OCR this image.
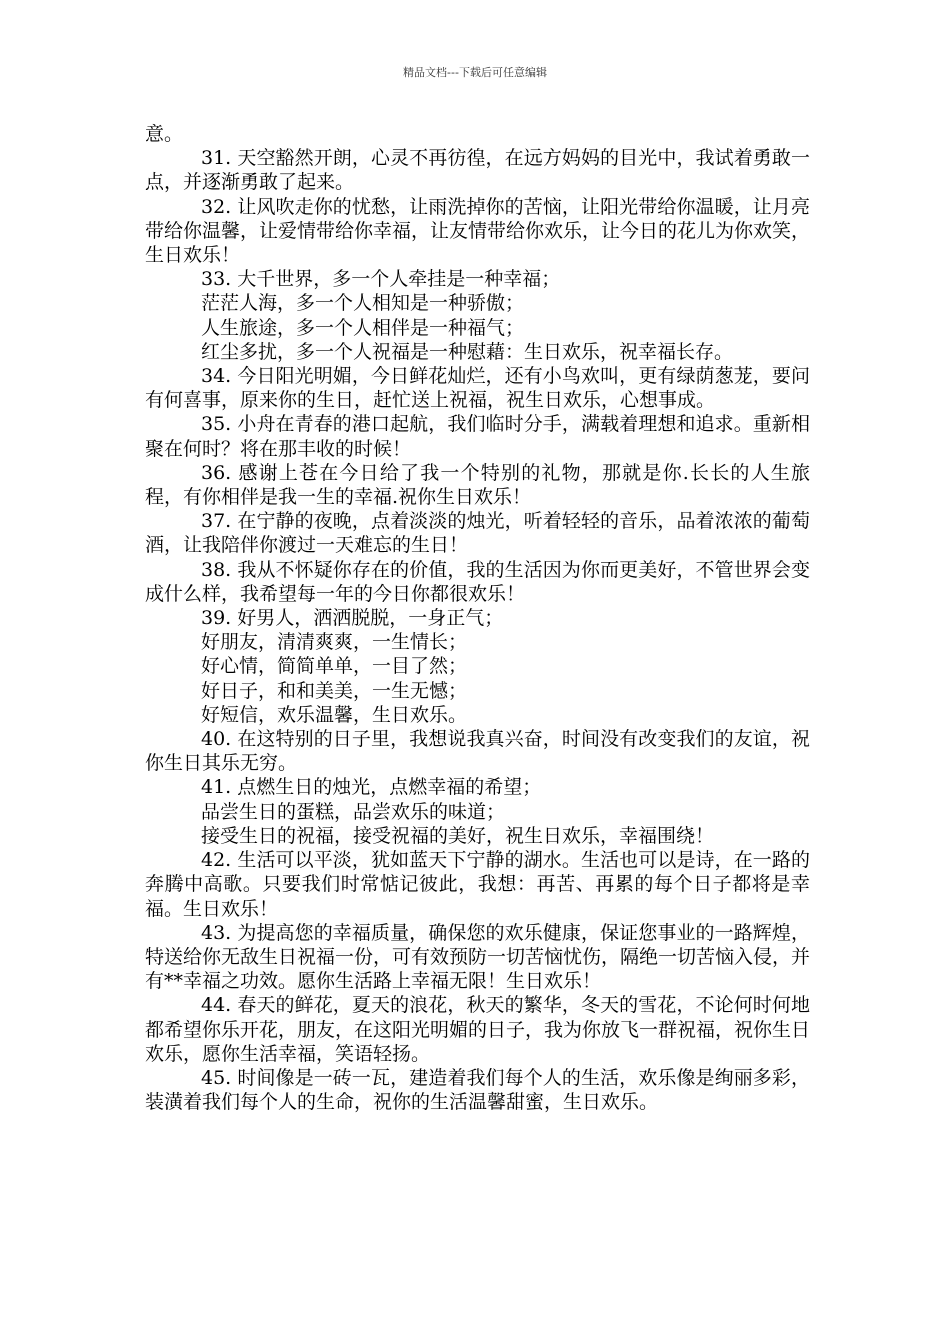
精品文档---下载后可任意编辑

意。

31. 天空豁然开朗，心灵不再彷徨，在远方妈妈的目光中，我试着勇敢一点，并逐渐勇敢了起来。

32. 让风吹走你的忧愁，让雨洗掉你的苦恼，让阳光带给你温暖，让月亮带给你温馨，让爱情带给你幸福，让友情带给你欢乐，让今日的花儿为你欢笑，生日欢乐！

33. 大千世界，多一个人牵挂是一种幸福；

茫茫人海，多一个人相知是一种骄傲；

人生旅途，多一个人相伴是一种福气；

红尘多扰，多一个人祝福是一种慰藉：生日欢乐，祝幸福长存。

34. 今日阳光明媚，今日鲜花灿烂，还有小鸟欢叫，更有绿荫葱茏，要问有何喜事，原来你的生日，赶忙送上祝福，祝生日欢乐，心想事成。

35. 小舟在青春的港口起航，我们临时分手，满载着理想和追求。重新相聚在何时？将在那丰收的时候！

36. 感谢上苍在今日给了我一个特别的礼物，那就是你.长长的人生旅程，有你相伴是我一生的幸福.祝你生日欢乐！

37. 在宁静的夜晚，点着淡淡的烛光，听着轻轻的音乐，品着浓浓的葡萄酒，让我陪伴你渡过一天难忘的生日！

38. 我从不怀疑你存在的价值，我的生活因为你而更美好，不管世界会变成什么样，我希望每一年的今日你都很欢乐！

39. 好男人，洒洒脱脱，一身正气；

好朋友，清清爽爽，一生情长；

好心情，简简单单，一目了然；

好日子，和和美美，一生无憾；

好短信，欢乐温馨，生日欢乐。

40. 在这特别的日子里，我想说我真兴奋，时间没有改变我们的友谊，祝你生日其乐无穷。

41. 点燃生日的烛光，点燃幸福的希望；

品尝生日的蛋糕，品尝欢乐的味道；

接受生日的祝福，接受祝福的美好，祝生日欢乐，幸福围绕！

42. 生活可以平淡，犹如蓝天下宁静的湖水。生活也可以是诗，在一路的奔腾中高歌。只要我们时常惦记彼此，我想：再苦、再累的每个日子都将是幸福。生日欢乐！

43. 为提高您的幸福质量，确保您的欢乐健康，保证您事业的一路辉煌，特送给你无敌生日祝福一份，可有效预防一切苦恼忧伤，隔绝一切苦恼入侵，并有**幸福之功效。愿你生活路上幸福无限！生日欢乐！

44. 春天的鲜花，夏天的浪花，秋天的繁华，冬天的雪花，不论何时何地都希望你乐开花，朋友，在这阳光明媚的日子，我为你放飞一群祝福，祝你生日欢乐，愿你生活幸福，笑语轻扬。

45. 时间像是一砖一瓦，建造着我们每个人的生活，欢乐像是绚丽多彩，装潢着我们每个人的生命，祝你的生活温馨甜蜜，生日欢乐。
